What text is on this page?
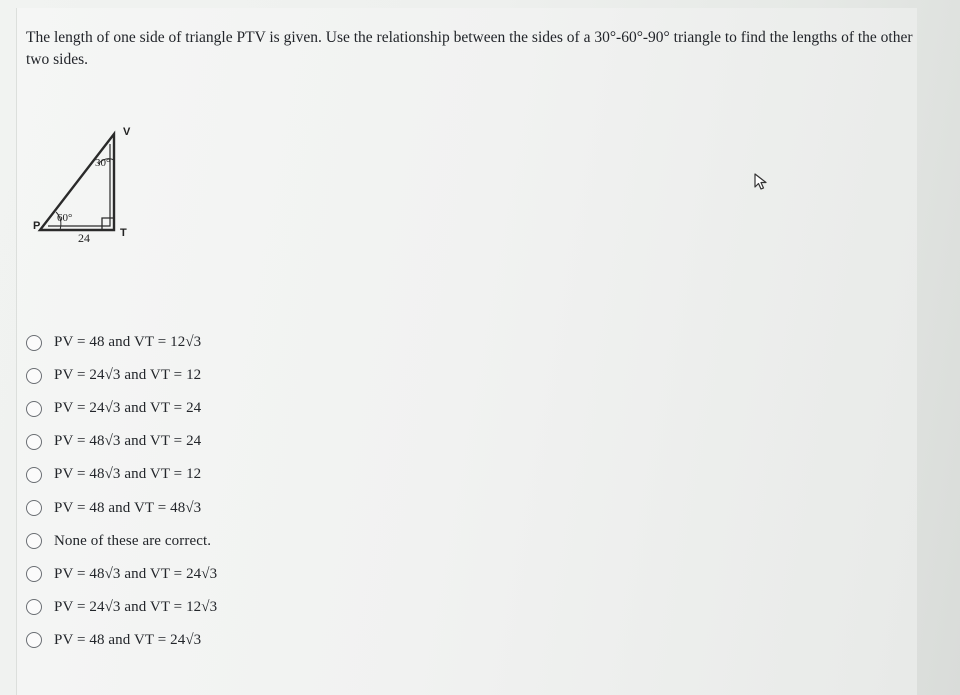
The length of one side of triangle PTV is given. Use the relationship between the sides of a 30°-60°-90° triangle to find the lengths of the other two sides.
V
P
T
30°
60°
24
PV = 48 and VT = 12√3
PV = 24√3 and VT = 12
PV = 24√3 and VT = 24
PV = 48√3 and VT = 24
PV = 48√3 and VT = 12
PV = 48 and VT = 48√3
None of these are correct.
PV = 48√3 and VT = 24√3
PV = 24√3 and VT = 12√3
PV = 48 and VT = 24√3
